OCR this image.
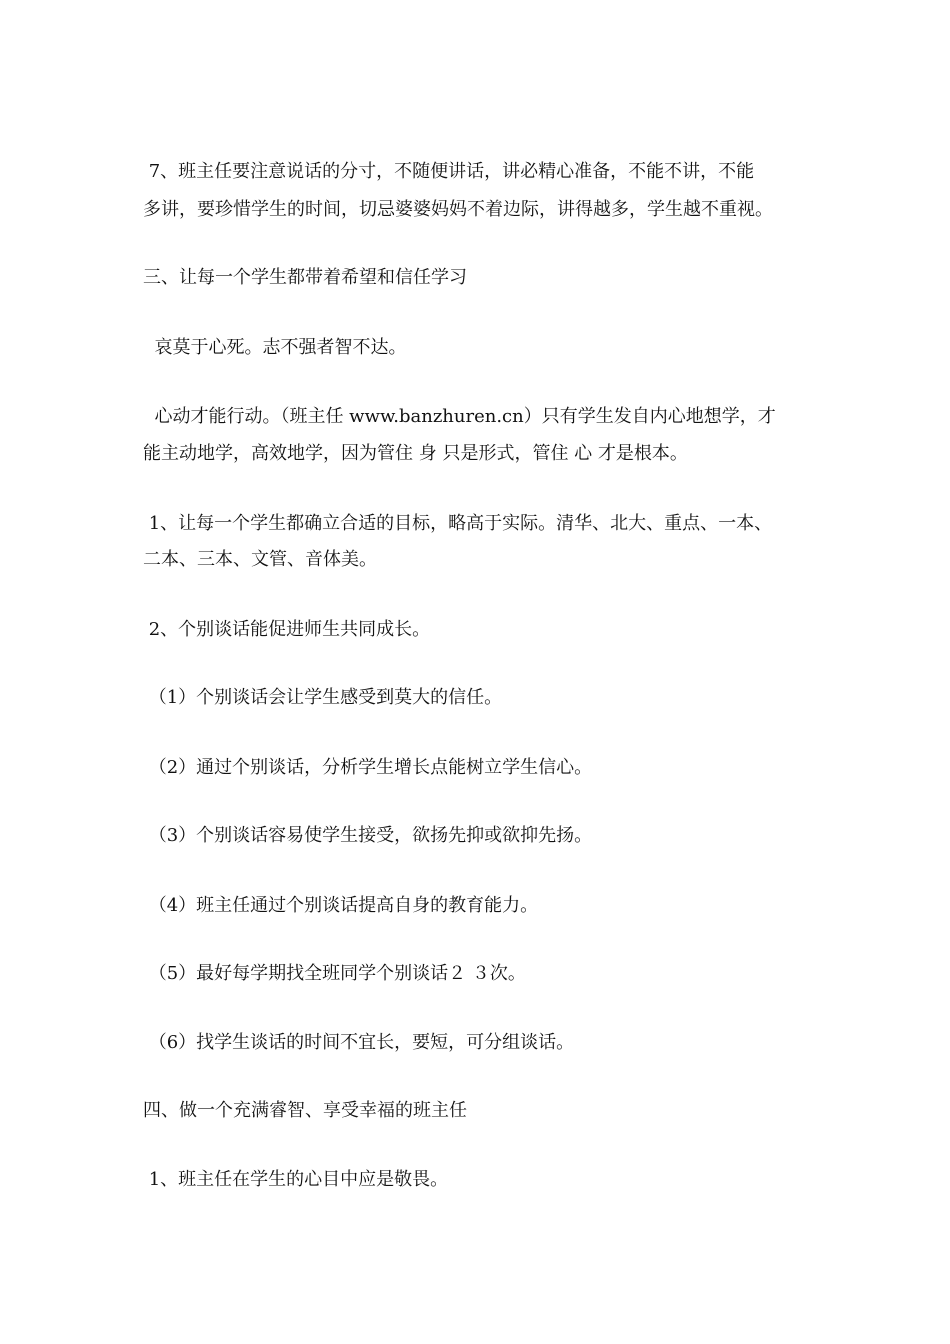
7、班主任要注意说话的分寸，不随便讲话，讲必精心准备，不能不讲，不能
多讲，要珍惜学生的时间，切忌婆婆妈妈不着边际，讲得越多，学生越不重视。
三、让每一个学生都带着希望和信任学习
哀莫于心死。志不强者智不达。
心动才能行动。（班主任 www.banzhuren.cn）只有学生发自内心地想学，才
能主动地学，高效地学，因为管住 身 只是形式，管住 心 才是根本。
1、让每一个学生都确立合适的目标，略高于实际。清华、北大、重点、一本、
二本、三本、文管、音体美。
2、个别谈话能促进师生共同成长。
（1）个别谈话会让学生感受到莫大的信任。
（2）通过个别谈话，分析学生增长点能树立学生信心。
（3）个别谈话容易使学生接受，欲扬先抑或欲抑先扬。
（4）班主任通过个别谈话提高自身的教育能力。
（5）最好每学期找全班同学个别谈话２ ３次。
（6）找学生谈话的时间不宜长，要短，可分组谈话。
四、做一个充满睿智、享受幸福的班主任
1、班主任在学生的心目中应是敬畏。
